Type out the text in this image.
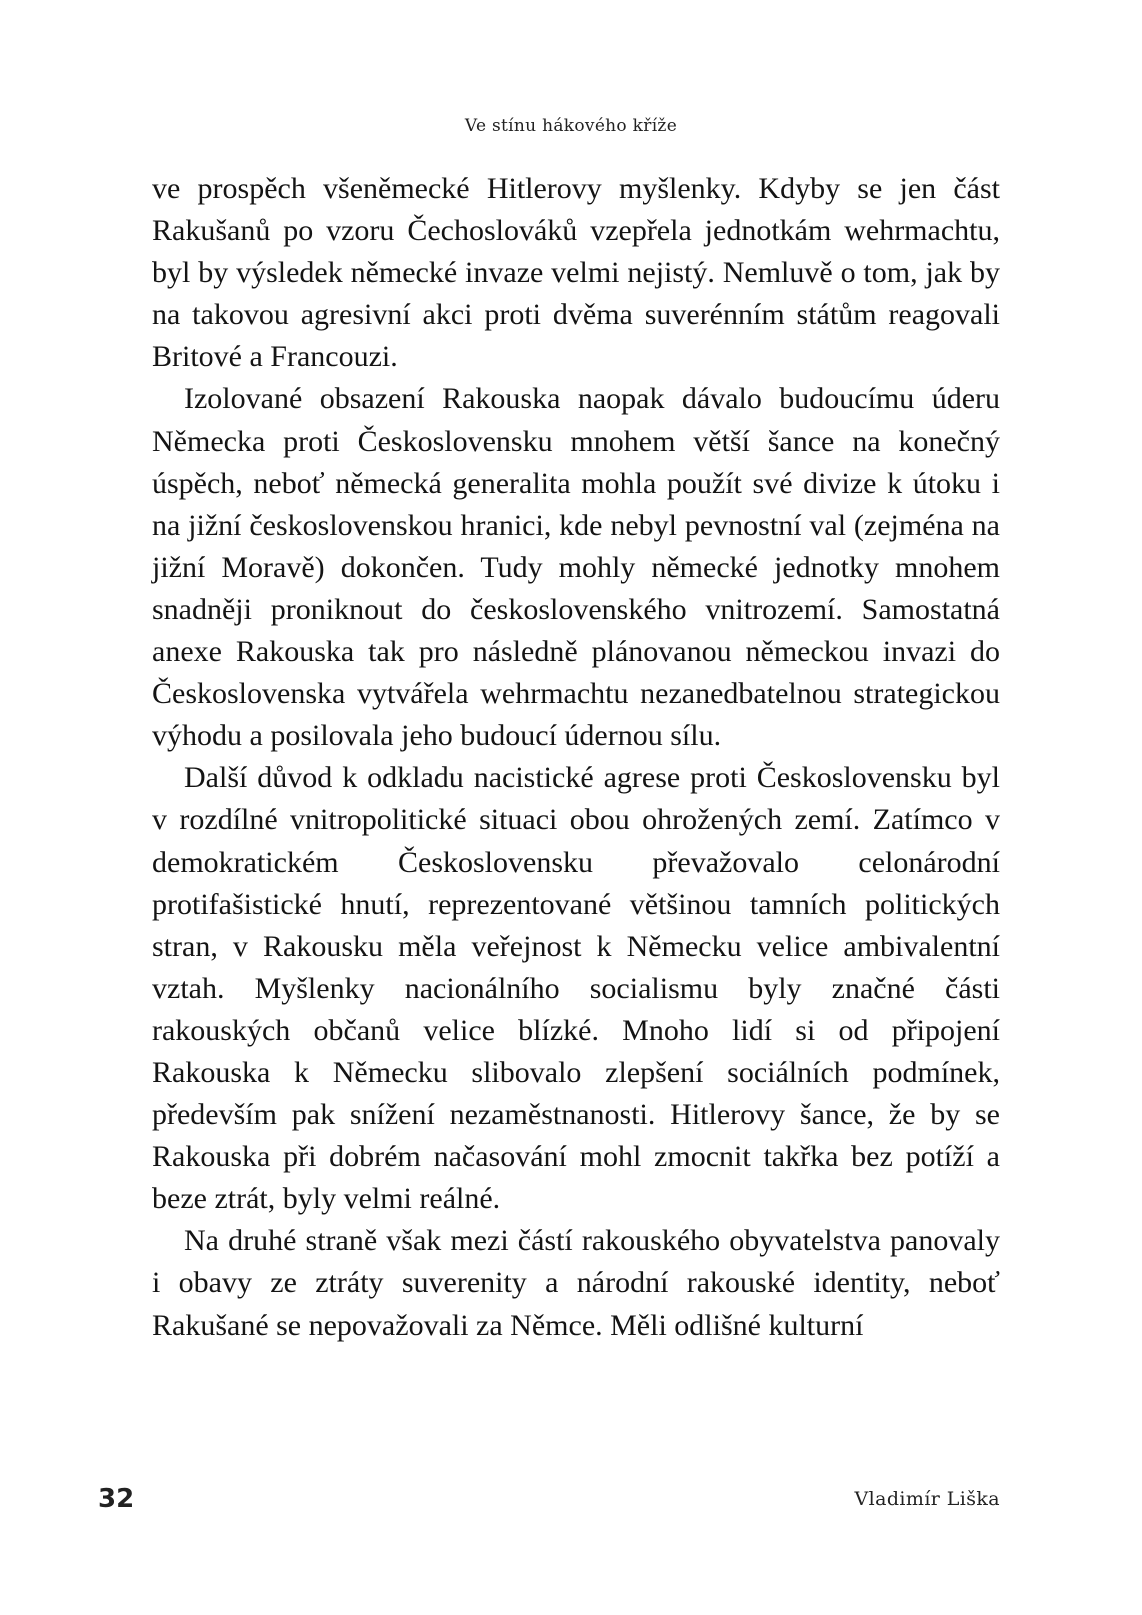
Ve stínu hákového kříže

ve prospěch všeněmecké Hitlerovy myšlenky. Kdyby se jen část Rakušanů po vzoru Čechoslováků vzepřela jednotkám wehrmachtu, byl by výsledek německé invaze velmi nejistý. Nemluvě o tom, jak by na takovou agresivní akci proti dvěma suverénním státům reagovali Britové a Francouzi.

Izolované obsazení Rakouska naopak dávalo budoucímu úderu Německa proti Československu mnohem větší šance na konečný úspěch, neboť německá generalita mohla použít své divize k útoku i na jižní československou hranici, kde nebyl pevnostní val (zejména na jižní Moravě) dokončen. Tudy mohly německé jednotky mnohem snadněji proniknout do československého vnitrozemí. Samostatná anexe Rakouska tak pro následně plánovanou německou invazi do Československa vytvářela wehrmachtu nezanedbatelnou strategickou výhodu a posilovala jeho budoucí údernou sílu.

Další důvod k odkladu nacistické agrese proti Československu byl v rozdílné vnitropolitické situaci obou ohrožených zemí. Zatímco v demokratickém Československu převažovalo celonárodní protifašistické hnutí, reprezentované většinou tamních politických stran, v Rakousku měla veřejnost k Německu velice ambivalentní vztah. Myšlenky nacionálního socialismu byly značné části rakouských občanů velice blízké. Mnoho lidí si od připojení Rakouska k Německu slibovalo zlepšení sociálních podmínek, především pak snížení nezaměstnanosti. Hitlerovy šance, že by se Rakouska při dobrém načasování mohl zmocnit takřka bez potíží a beze ztrát, byly velmi reálné.

Na druhé straně však mezi částí rakouského obyvatelstva panovaly i obavy ze ztráty suverenity a národní rakouské identity, neboť Rakušané se nepovažovali za Němce. Měli odlišné kulturní

32	Vladimír Liška
